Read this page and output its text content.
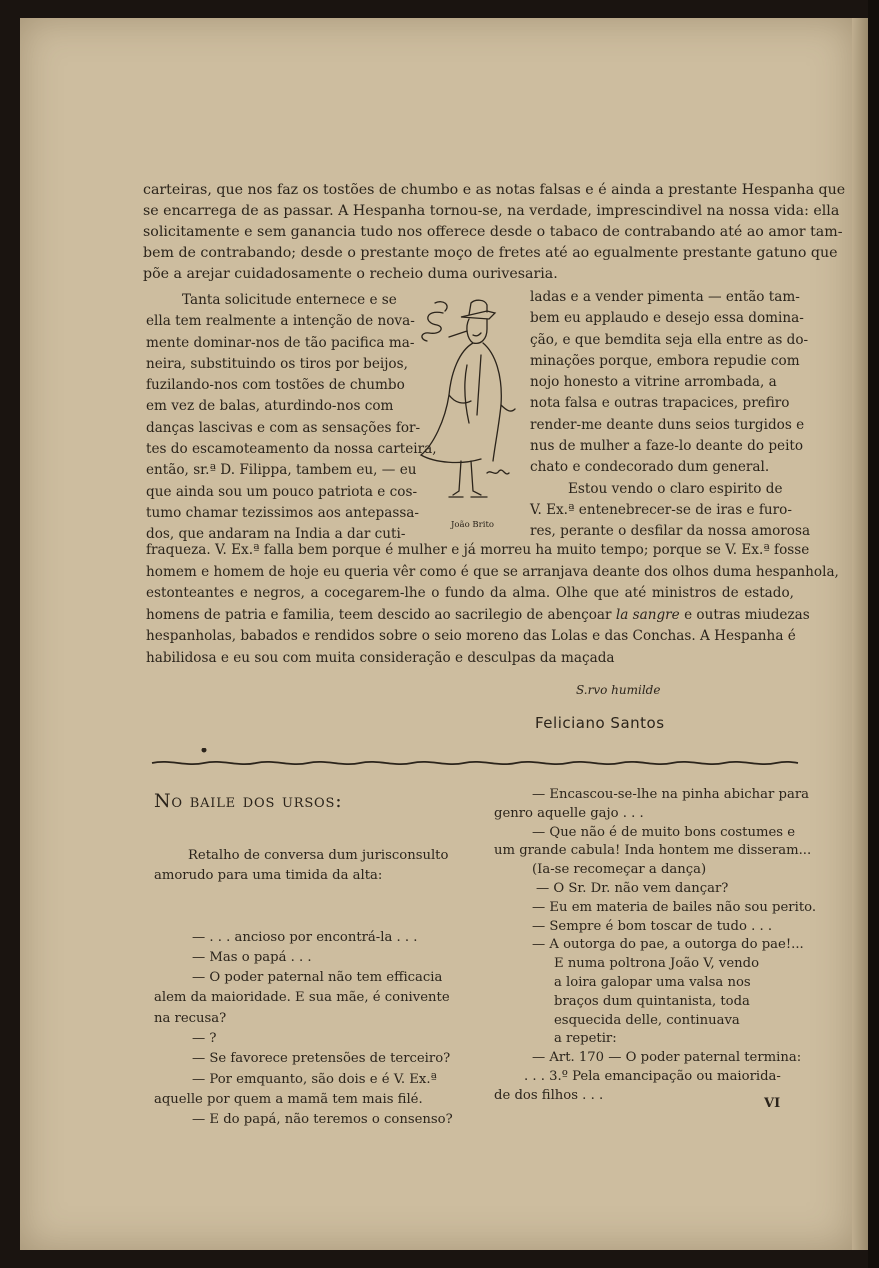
carteiras, que nos faz os tostões de chumbo e as notas falsas e é ainda a prestante Hespanha que
se encarrega de as passar. A Hespanha tornou-se, na verdade, imprescindivel na nossa vida: ella
solicitamente e sem ganancia tudo nos offerece desde o tabaco de contrabando até ao amor tam-
bem de contrabando; desde o prestante moço de fretes até ao egualmente prestante gatuno que
põe a arejar cuidadosamente o recheio duma ourivesaria.
Tanta solicitude enternece e se
ella tem realmente a intenção de nova-
mente dominar-nos de tão pacifica ma-
neira, substituindo os tiros por beijos,
fuzilando-nos com tostões de chumbo
em vez de balas, aturdindo-nos com
danças lascivas e com as sensações for-
tes do escamoteamento da nossa carteira,
então, sr.ª D. Filippa, tambem eu, — eu
que ainda sou um pouco patriota e cos-
tumo chamar tezissimos aos antepassa-
dos, que andaram na India a dar cuti-
João Brito
ladas e a vender pimenta — então tam-
bem eu applaudo e desejo essa domina-
ção, e que bemdita seja ella entre as do-
minações porque, embora repudie com
nojo honesto a vitrine arrombada, a
nota falsa e outras trapacices, prefiro
render-me deante duns seios turgidos e
nus de mulher a faze-lo deante do peito
chato e condecorado dum general.
Estou vendo o claro espirito de
V. Ex.ª entenebrecer-se de iras e furo-
res, perante o desfilar da nossa amorosa
fraqueza. V. Ex.ª falla bem porque é mulher e já morreu ha muito tempo; porque se V. Ex.ª fosse
homem e homem de hoje eu queria vêr como é que se arranjava deante dos olhos duma hespanhola,
estonteantes e negros, a cocegarem-lhe o fundo da alma. Olhe que até ministros de estado,
homens de patria e familia, teem descido ao sacrilegio de abençoar la sangre e outras miudezas
hespanholas, babados e rendidos sobre o seio moreno das Lolas e das Conchas. A Hespanha é
habilidosa e eu sou com muita consideração e desculpas da maçada
S.rvo humilde
Feliciano Santos
No baile dos ursos:
Retalho de conversa dum jurisconsulto
amorudo para uma timida da alta:
— . . . ancioso por encontrá-la . . .
— Mas o papá . . .
— O poder paternal não tem efficacia
alem da maioridade. E sua mãe, é conivente
na recusa?
— ?
— Se favorece pretensões de terceiro?
— Por emquanto, são dois e é V. Ex.ª
aquelle por quem a mamã tem mais filé.
— E do papá, não teremos o consenso?
— Encascou-se-lhe na pinha abichar para
genro aquelle gajo . . .
— Que não é de muito bons costumes e
um grande cabula! Inda hontem me disseram...
(Ia-se recomeçar a dança)
— O Sr. Dr. não vem dançar?
— Eu em materia de bailes não sou perito.
— Sempre é bom toscar de tudo . . .
— A outorga do pae, a outorga do pae!...
E numa poltrona João V, vendo
a loira galopar uma valsa nos
braços dum quintanista, toda
esquecida delle, continuava
a repetir:
— Art. 170 — O poder paternal termina:
. . . 3.º Pela emancipação ou maiorida-
de dos filhos . . .
VI
